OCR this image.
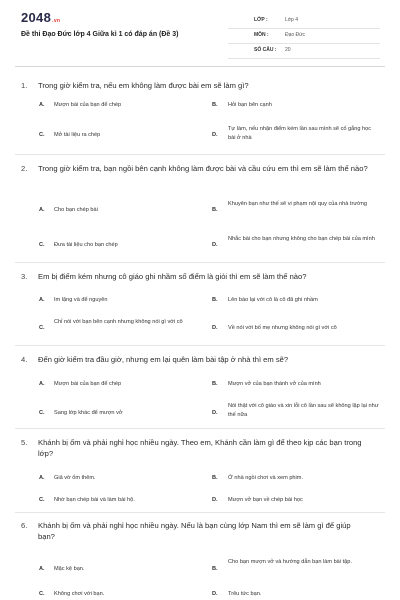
2048.vn
Đề thi Đạo Đức lớp 4 Giữa kì 1 có đáp án (Đề 3)
LỚP :	Lớp 4
MÔN :	Đạo Đức
SỐ CÂU : 20
1. Trong giờ kiểm tra, nếu em không làm được bài em sẽ làm gì?
A. Mượn bài của bạn để chép	B. Hỏi bạn bên cạnh
C. Mở tài liệu ra chép	D.
Tự làm, nếu nhận điểm kém lần sau mình sẽ cố gắng học bài ở nhà
2. Trong giờ kiểm tra, bạn ngồi bên cạnh không làm được bài và cầu cứu em thì em sẽ làm thế nào?
A. Cho bạn chép bài	B.
Khuyên bạn như thế sẽ vi phạm nội quy của nhà trường
C. Đưa tài liệu cho bạn chép	D.
Nhắc bài cho bạn nhưng không cho bạn chép bài của mình
3. Em bị điểm kém nhưng cô giáo ghi nhầm số điểm là giỏi thì em sẽ làm thế nào?
A. Im lặng và để nguyên	B. Lên báo lại với cô là cô đã ghi nhầm
C.
Chỉ nói với bạn bên cạnh nhưng không nói gì với cô
D. Về nói với bố mẹ nhưng không nói gì với cô
4. Đến giờ kiểm tra đầu giờ, nhưng em lại quên làm bài tập ở nhà thì em sẽ?
A. Mượn bài của bạn để chép	B. Mượn vở của bạn thành vở của mình
C. Sang lớp khác để mượn vở	D.
Nói thật với cô giáo và xin lỗi cô lần sau sẽ không lặp lại như thế nữa
5. Khánh bị ốm và phải nghỉ học nhiều ngày. Theo em, Khánh cần làm gì để theo kịp các bạn trong lớp?
A. Giả vờ ốm thêm.	B. Ở nhà ngồi chơi và xem phim.
C. Nhờ bạn chép bài và làm bài hộ.	D. Mượn vở bạn về chép bài học
6. Khánh bị ốm và phải nghỉ học nhiều ngày. Nếu là bạn cùng lớp Nam thì em sẽ làm gì để giúp bạn?
A. Mặc kệ bạn.	B.
Cho bạn mượn vở và hướng dẫn bạn làm bài tập.
C. Không chơi với bạn.	D. Trêu tức bạn.
